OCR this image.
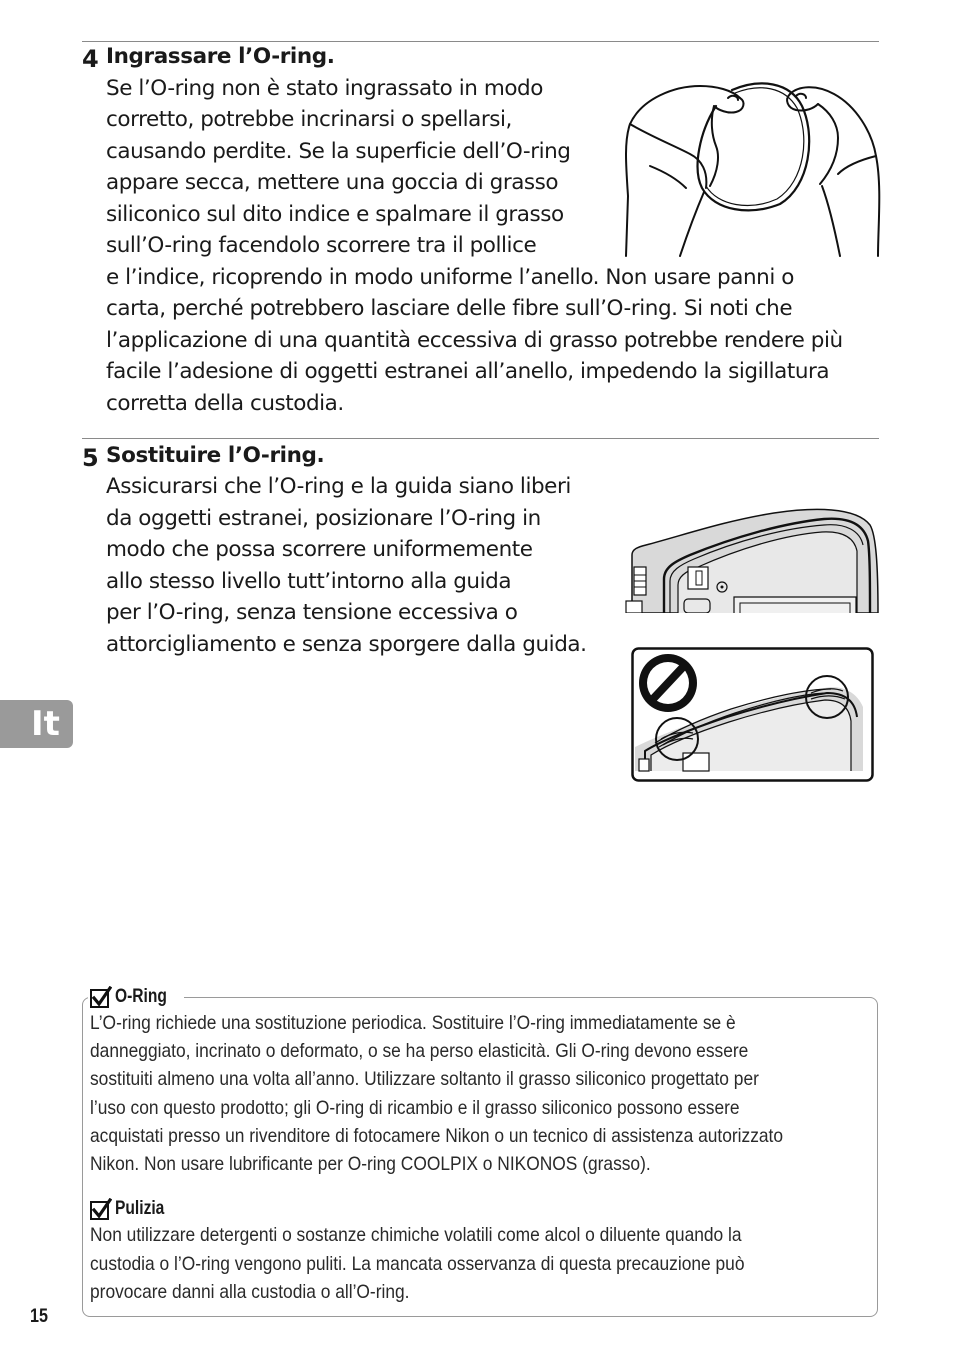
4 Ingrassare l’O-ring.
Se l’O-ring non è stato ingrassato in modo
corretto, potrebbe incrinarsi o spellarsi,
causando perdite. Se la superficie dell’O-ring
appare secca, mettere una goccia di grasso
siliconico sul dito indice e spalmare il grasso
sull’O-ring facendolo scorrere tra il pollice
e l’indice, ricoprendo in modo uniforme l’anello. Non usare panni o
carta, perché potrebbero lasciare delle fibre sull’O-ring. Si noti che
l’applicazione di una quantità eccessiva di grasso potrebbe rendere più
facile l’adesione di oggetti estranei all’anello, impedendo la sigillatura
corretta della custodia.
5 Sostituire l’O-ring.
Assicurarsi che l’O-ring e la guida siano liberi
da oggetti estranei, posizionare l’O-ring in
modo che possa scorrere uniformemente
allo stesso livello tutt’intorno alla guida
per l’O-ring, senza tensione eccessiva o
attorcigliamento e senza sporgere dalla guida.
It
O-Ring
L’O-ring richiede una sostituzione periodica. Sostituire l’O-ring immediatamente se è
danneggiato, incrinato o deformato, o se ha perso elasticità. Gli O-ring devono essere
sostituiti almeno una volta all’anno. Utilizzare soltanto il grasso siliconico progettato per
l’uso con questo prodotto; gli O-ring di ricambio e il grasso siliconico possono essere
acquistati presso un rivenditore di fotocamere Nikon o un tecnico di assistenza autorizzato
Nikon. Non usare lubrificante per O-ring COOLPIX o NIKONOS (grasso).
Pulizia
Non utilizzare detergenti o sostanze chimiche volatili come alcol o diluente quando la
custodia o l’O-ring vengono puliti. La mancata osservanza di questa precauzione può
provocare danni alla custodia o all’O-ring.
15
